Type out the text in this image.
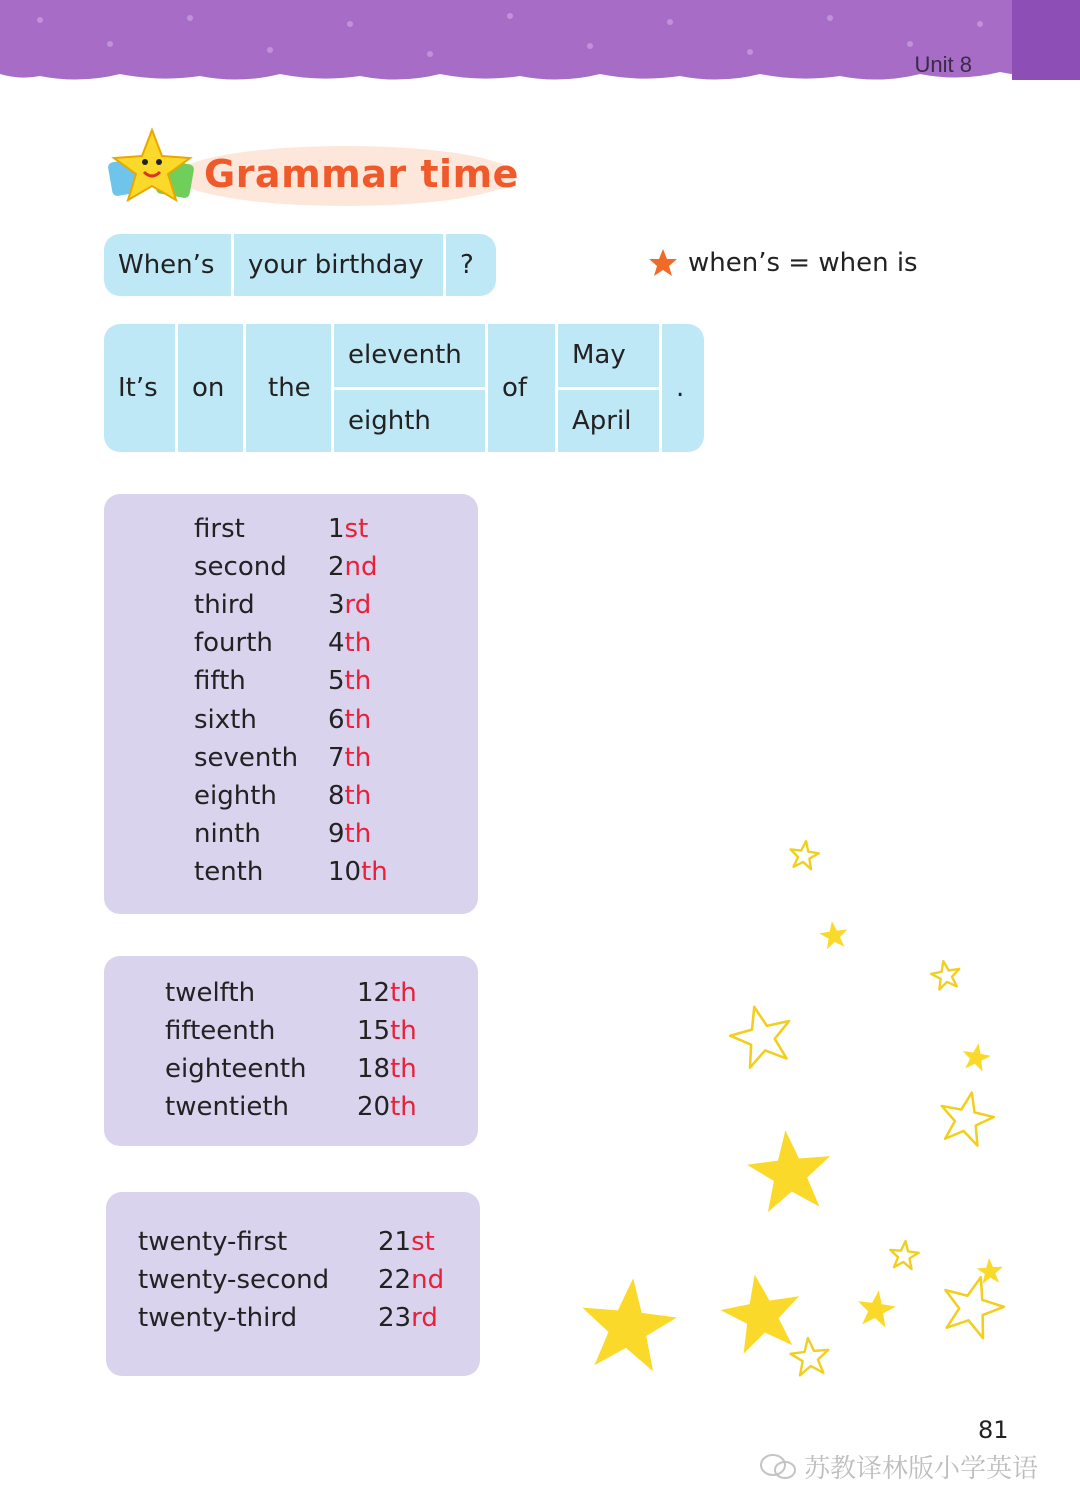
Unit 8
Grammar time
When’s	your birthday	?	when’s = when is
It’s	on	the
eleventh
eighth
of
May
April
.
first	1st
second 2nd
third	3rd
fourth 4th
fifth	5th
sixth	6th
seventh 7th
eighth 8th
ninth	9th
tenth 10th
twelfth	12th
fifteenth	15th
eighteenth 18th
twentieth	20th
twenty-first	21st
twenty-second 22nd
twenty-third	23rd
81
苏教译林版小学英语
